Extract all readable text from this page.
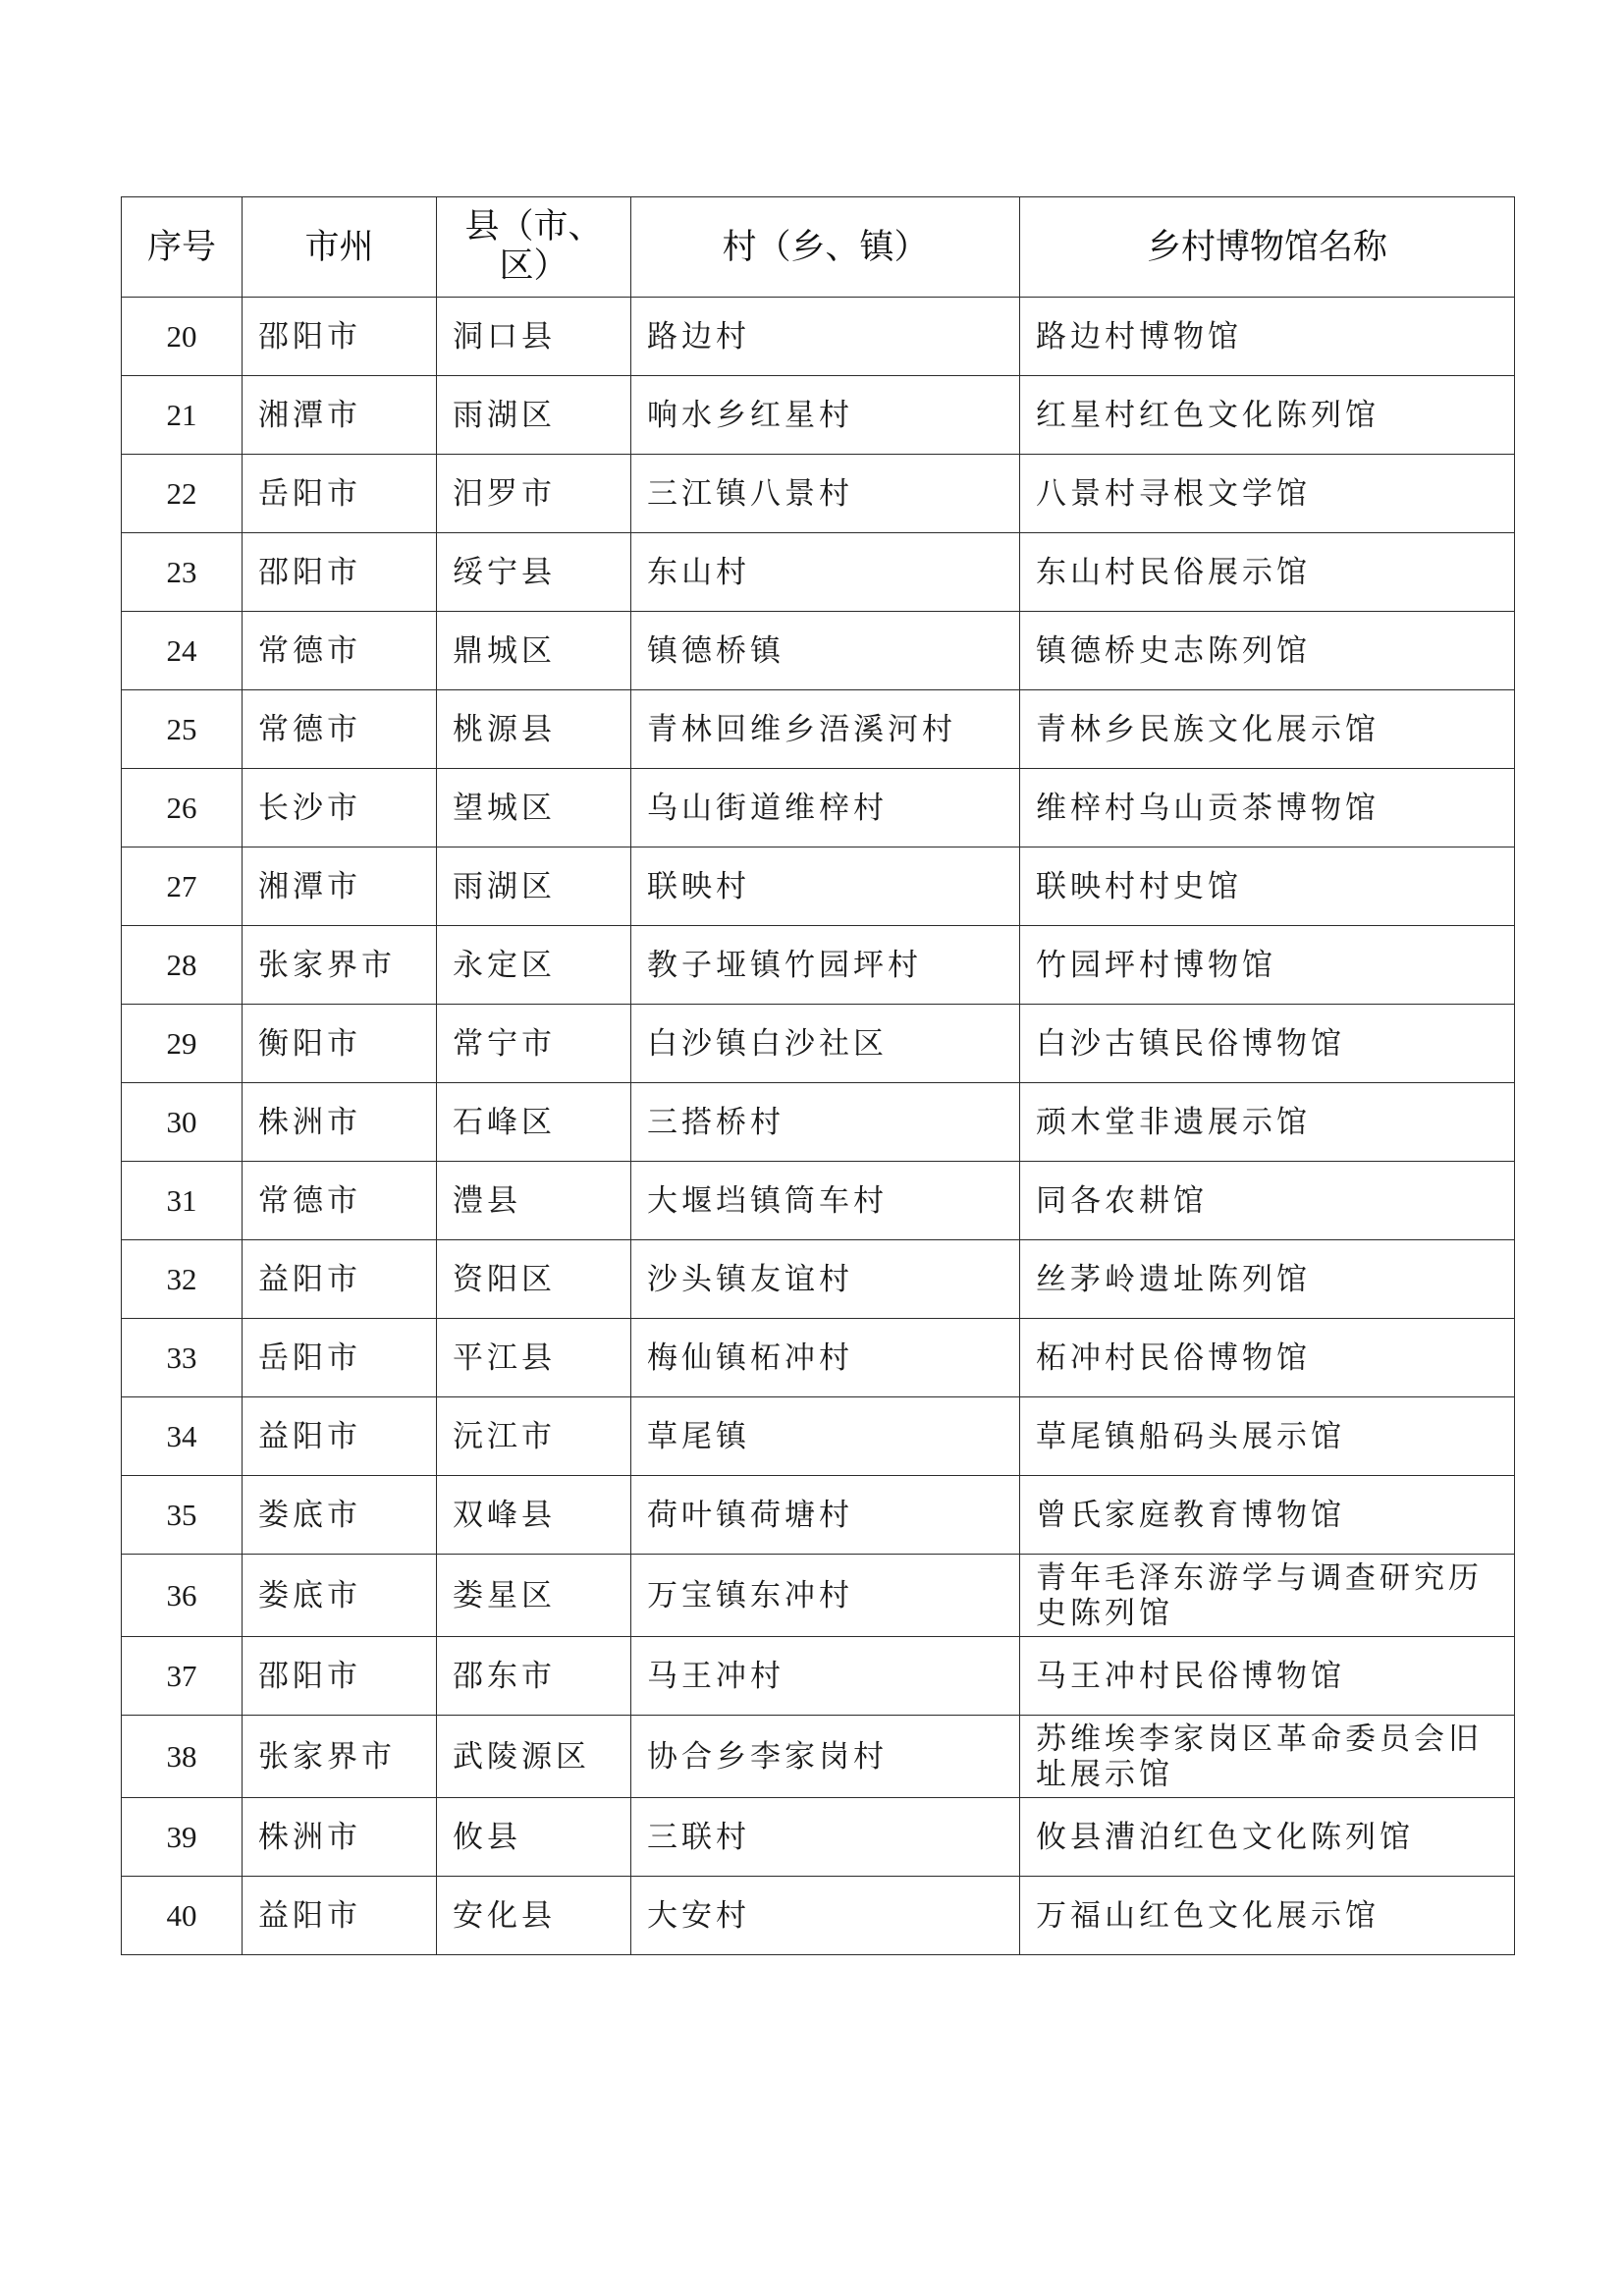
序号	市州	县（市、区）	村（乡、镇）	乡村博物馆名称
20	邵阳市	洞口县	路边村	路边村博物馆
21	湘潭市	雨湖区	响水乡红星村	红星村红色文化陈列馆
22	岳阳市	汨罗市	三江镇八景村	八景村寻根文学馆
23	邵阳市	绥宁县	东山村	东山村民俗展示馆
24	常德市	鼎城区	镇德桥镇	镇德桥史志陈列馆
25	常德市	桃源县	青林回维乡浯溪河村	青林乡民族文化展示馆
26	长沙市	望城区	乌山街道维梓村	维梓村乌山贡茶博物馆
27	湘潭市	雨湖区	联映村	联映村村史馆
28	张家界市	永定区	教子垭镇竹园坪村	竹园坪村博物馆
29	衡阳市	常宁市	白沙镇白沙社区	白沙古镇民俗博物馆
30	株洲市	石峰区	三搭桥村	顽木堂非遗展示馆
31	常德市	澧县	大堰垱镇筒车村	同各农耕馆
32	益阳市	资阳区	沙头镇友谊村	丝茅岭遗址陈列馆
33	岳阳市	平江县	梅仙镇柘冲村	柘冲村民俗博物馆
34	益阳市	沅江市	草尾镇	草尾镇船码头展示馆
35	娄底市	双峰县	荷叶镇荷塘村	曾氏家庭教育博物馆
36	娄底市	娄星区	万宝镇东冲村	青年毛泽东游学与调查研究历史陈列馆
37	邵阳市	邵东市	马王冲村	马王冲村民俗博物馆
38	张家界市	武陵源区	协合乡李家岗村	苏维埃李家岗区革命委员会旧址展示馆
39	株洲市	攸县	三联村	攸县漕泊红色文化陈列馆
40	益阳市	安化县	大安村	万福山红色文化展示馆
